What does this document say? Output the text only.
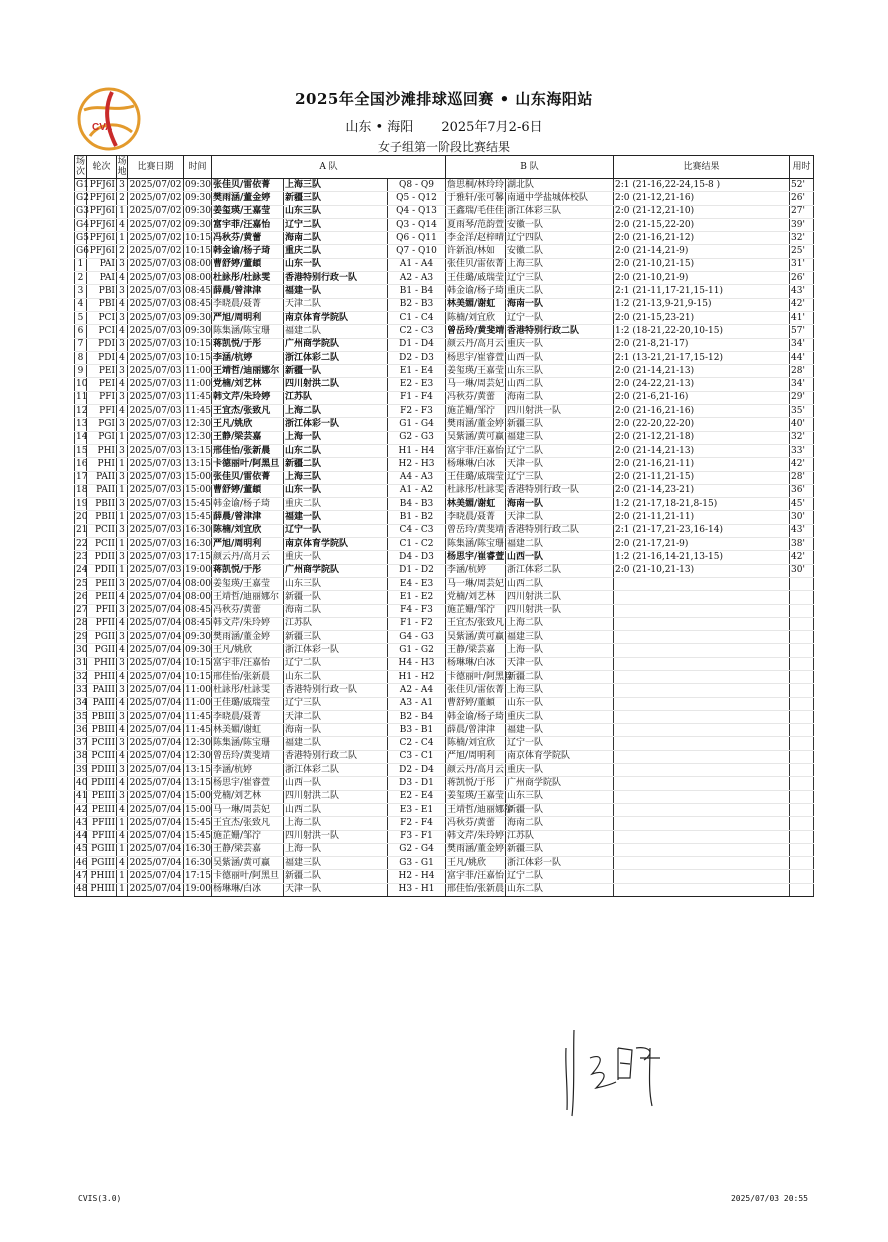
CVA
2025年全国沙滩排球巡回赛 • 山东海阳站
山东 • 海阳 2025年7月2-6日
女子组第一阶段比赛结果
场次	轮次	场地	比赛日期	时间	A 队			B 队		比赛结果	用时
G1	PFJ6I	3	2025/07/02	09:30	张佳贝/雷依菁	上海三队	Q8 - Q9	詹思桐/林玲玲	湖北队	2:1 (21-16,22-24,15-8 )	52'
G2	PFJ6I	2	2025/07/02	09:30	樊雨涵/董金婷	新疆三队	Q5 - Q12	于雅轩/张可馨	南通中学盐城体校队	2:0 (21-12,21-16)	26'
G3	PFJ6I	1	2025/07/02	09:30	姜玺瑛/王嘉莹	山东三队	Q4 - Q13	王鑫瑞/毛佳佳	浙江体彩三队	2:0 (21-12,21-10)	27'
G4	PFJ6I	4	2025/07/02	09:30	富宇菲/汪嘉怡	辽宁二队	Q3 - Q14	夏雨琴/范韵萱	安徽一队	2:0 (21-15,22-20)	39'
G5	PFJ6I	1	2025/07/02	10:15	冯秋芬/黄蕾	海南二队	Q6 - Q11	李金洋/赵梓晴	辽宁四队	2:0 (21-16,21-12)	32'
G6	PFJ6I	2	2025/07/02	10:15	韩金谕/杨子琦	重庆二队	Q7 - Q10	许新浪/林如	安徽二队	2:0 (21-14,21-9)	25'
1	PAI	3	2025/07/03	08:00	曹舒婷/董頔	山东一队	A1 - A4	张佳贝/雷依菁	上海三队	2:0 (21-10,21-15)	31'
2	PAI	4	2025/07/03	08:00	杜詠彤/杜詠雯	香港特别行政一队	A2 - A3	王佳璐/戚瑞莹	辽宁三队	2:0 (21-10,21-9)	26'
3	PBI	3	2025/07/03	08:45	薛晨/曾津津	福建一队	B1 - B4	韩金谕/杨子琦	重庆二队	2:1 (21-11,17-21,15-11)	43'
4	PBI	4	2025/07/03	08:45	李晓晨/聂菁	天津二队	B2 - B3	林美媚/谢虹	海南一队	1:2 (21-13,9-21,9-15)	42'
5	PCI	3	2025/07/03	09:30	严旭/周明利	南京体育学院队	C1 - C4	陈楠/刘宜欣	辽宁一队	2:0 (21-15,23-21)	41'
6	PCI	4	2025/07/03	09:30	陈集涵/陈宝珊	福建二队	C2 - C3	曾岳玲/黄斐靖	香港特别行政二队	1:2 (18-21,22-20,10-15)	57'
7	PDI	3	2025/07/03	10:15	蒋凯悦/于彤	广州商学院队	D1 - D4	颜云丹/高月云	重庆一队	2:0 (21-8,21-17)	34'
8	PDI	4	2025/07/03	10:15	李涵/杭婷	浙江体彩二队	D2 - D3	杨思宇/崔睿萱	山西一队	2:1 (13-21,21-17,15-12)	44'
9	PEI	3	2025/07/03	11:00	王靖哲/迪丽娜尔	新疆一队	E1 - E4	姜玺瑛/王嘉莹	山东三队	2:0 (21-14,21-13)	28'
10	PEI	4	2025/07/03	11:00	党楠/刘艺林	四川射洪二队	E2 - E3	马一琳/周芸妃	山西二队	2:0 (24-22,21-13)	34'
11	PFI	3	2025/07/03	11:45	韩文芹/朱玲婷	江苏队	F1 - F4	冯秋芬/黄蕾	海南二队	2:0 (21-6,21-16)	29'
12	PFI	4	2025/07/03	11:45	王宜杰/张致凡	上海二队	F2 - F3	施芷姗/邹泞	四川射洪一队	2:0 (21-16,21-16)	35'
13	PGI	3	2025/07/03	12:30	王凡/姚欣	浙江体彩一队	G1 - G4	樊雨涵/董金婷	新疆三队	2:0 (22-20,22-20)	40'
14	PGI	1	2025/07/03	12:30	王静/梁芸嘉	上海一队	G2 - G3	吴紫涵/黄可赢	福建三队	2:0 (21-12,21-18)	32'
15	PHI	3	2025/07/03	13:15	邢佳怡/张新晨	山东二队	H1 - H4	富宇菲/汪嘉怡	辽宁二队	2:0 (21-14,21-13)	33'
16	PHI	1	2025/07/03	13:15	卡德丽叶/阿黑旦	新疆二队	H2 - H3	杨琳琳/白冰	天津一队	2:0 (21-16,21-11)	42'
17	PAII	3	2025/07/03	15:00	张佳贝/雷依菁	上海三队	A4 - A3	王佳璐/戚瑞莹	辽宁三队	2:0 (21-11,21-15)	28'
18	PAII	1	2025/07/03	15:00	曹舒婷/董頔	山东一队	A1 - A2	杜詠彤/杜詠雯	香港特别行政一队	2:0 (21-14,23-21)	36'
19	PBII	3	2025/07/03	15:45	韩金谕/杨子琦	重庆二队	B4 - B3	林美媚/谢虹	海南一队	1:2 (21-17,18-21,8-15)	45'
20	PBII	1	2025/07/03	15:45	薛晨/曾津津	福建一队	B1 - B2	李晓晨/聂菁	天津二队	2:0 (21-11,21-11)	30'
21	PCII	3	2025/07/03	16:30	陈楠/刘宜欣	辽宁一队	C4 - C3	曾岳玲/黄斐靖	香港特别行政二队	2:1 (21-17,21-23,16-14)	43'
22	PCII	1	2025/07/03	16:30	严旭/周明利	南京体育学院队	C1 - C2	陈集涵/陈宝珊	福建二队	2:0 (21-17,21-9)	38'
23	PDII	3	2025/07/03	17:15	颜云丹/高月云	重庆一队	D4 - D3	杨思宇/崔睿萱	山西一队	1:2 (21-16,14-21,13-15)	42'
24	PDII	1	2025/07/03	19:00	蒋凯悦/于彤	广州商学院队	D1 - D2	李涵/杭婷	浙江体彩二队	2:0 (21-10,21-13)	30'
25	PEII	3	2025/07/04	08:00	姜玺瑛/王嘉莹	山东三队	E4 - E3	马一琳/周芸妃	山西二队		
26	PEII	4	2025/07/04	08:00	王靖哲/迪丽娜尔	新疆一队	E1 - E2	党楠/刘艺林	四川射洪二队		
27	PFII	3	2025/07/04	08:45	冯秋芬/黄蕾	海南二队	F4 - F3	施芷姗/邹泞	四川射洪一队		
28	PFII	4	2025/07/04	08:45	韩文芹/朱玲婷	江苏队	F1 - F2	王宜杰/张致凡	上海二队		
29	PGII	3	2025/07/04	09:30	樊雨涵/董金婷	新疆三队	G4 - G3	吴紫涵/黄可赢	福建三队		
30	PGII	4	2025/07/04	09:30	王凡/姚欣	浙江体彩一队	G1 - G2	王静/梁芸嘉	上海一队		
31	PHII	3	2025/07/04	10:15	富宇菲/汪嘉怡	辽宁二队	H4 - H3	杨琳琳/白冰	天津一队		
32	PHII	4	2025/07/04	10:15	邢佳怡/张新晨	山东二队	H1 - H2	卡德丽叶/阿黑旦	新疆二队		
33	PAIII	3	2025/07/04	11:00	杜詠彤/杜詠雯	香港特别行政一队	A2 - A4	张佳贝/雷依菁	上海三队		
34	PAIII	4	2025/07/04	11:00	王佳璐/戚瑞莹	辽宁三队	A3 - A1	曹舒婷/董頔	山东一队		
35	PBIII	3	2025/07/04	11:45	李晓晨/聂菁	天津二队	B2 - B4	韩金谕/杨子琦	重庆二队		
36	PBIII	4	2025/07/04	11:45	林美媚/谢虹	海南一队	B3 - B1	薛晨/曾津津	福建一队		
37	PCIII	3	2025/07/04	12:30	陈集涵/陈宝珊	福建二队	C2 - C4	陈楠/刘宜欣	辽宁一队		
38	PCIII	4	2025/07/04	12:30	曾岳玲/黄斐靖	香港特别行政二队	C3 - C1	严旭/周明利	南京体育学院队		
39	PDIII	3	2025/07/04	13:15	李涵/杭婷	浙江体彩二队	D2 - D4	颜云丹/高月云	重庆一队		
40	PDIII	4	2025/07/04	13:15	杨思宇/崔睿萱	山西一队	D3 - D1	蒋凯悦/于彤	广州商学院队		
41	PEIII	3	2025/07/04	15:00	党楠/刘艺林	四川射洪二队	E2 - E4	姜玺瑛/王嘉莹	山东三队		
42	PEIII	4	2025/07/04	15:00	马一琳/周芸妃	山西二队	E3 - E1	王靖哲/迪丽娜尔	新疆一队		
43	PFIII	1	2025/07/04	15:45	王宜杰/张致凡	上海二队	F2 - F4	冯秋芬/黄蕾	海南二队		
44	PFIII	4	2025/07/04	15:45	施芷姗/邹泞	四川射洪一队	F3 - F1	韩文芹/朱玲婷	江苏队		
45	PGIII	1	2025/07/04	16:30	王静/梁芸嘉	上海一队	G2 - G4	樊雨涵/董金婷	新疆三队		
46	PGIII	4	2025/07/04	16:30	吴紫涵/黄可赢	福建三队	G3 - G1	王凡/姚欣	浙江体彩一队		
47	PHIII	1	2025/07/04	17:15	卡德丽叶/阿黑旦	新疆二队	H2 - H4	富宇菲/汪嘉怡	辽宁二队		
48	PHIII	1	2025/07/04	19:00	杨琳琳/白冰	天津一队	H3 - H1	邢佳怡/张新晨	山东二队		
CVIS(3.0)	2025/07/03 20:55
